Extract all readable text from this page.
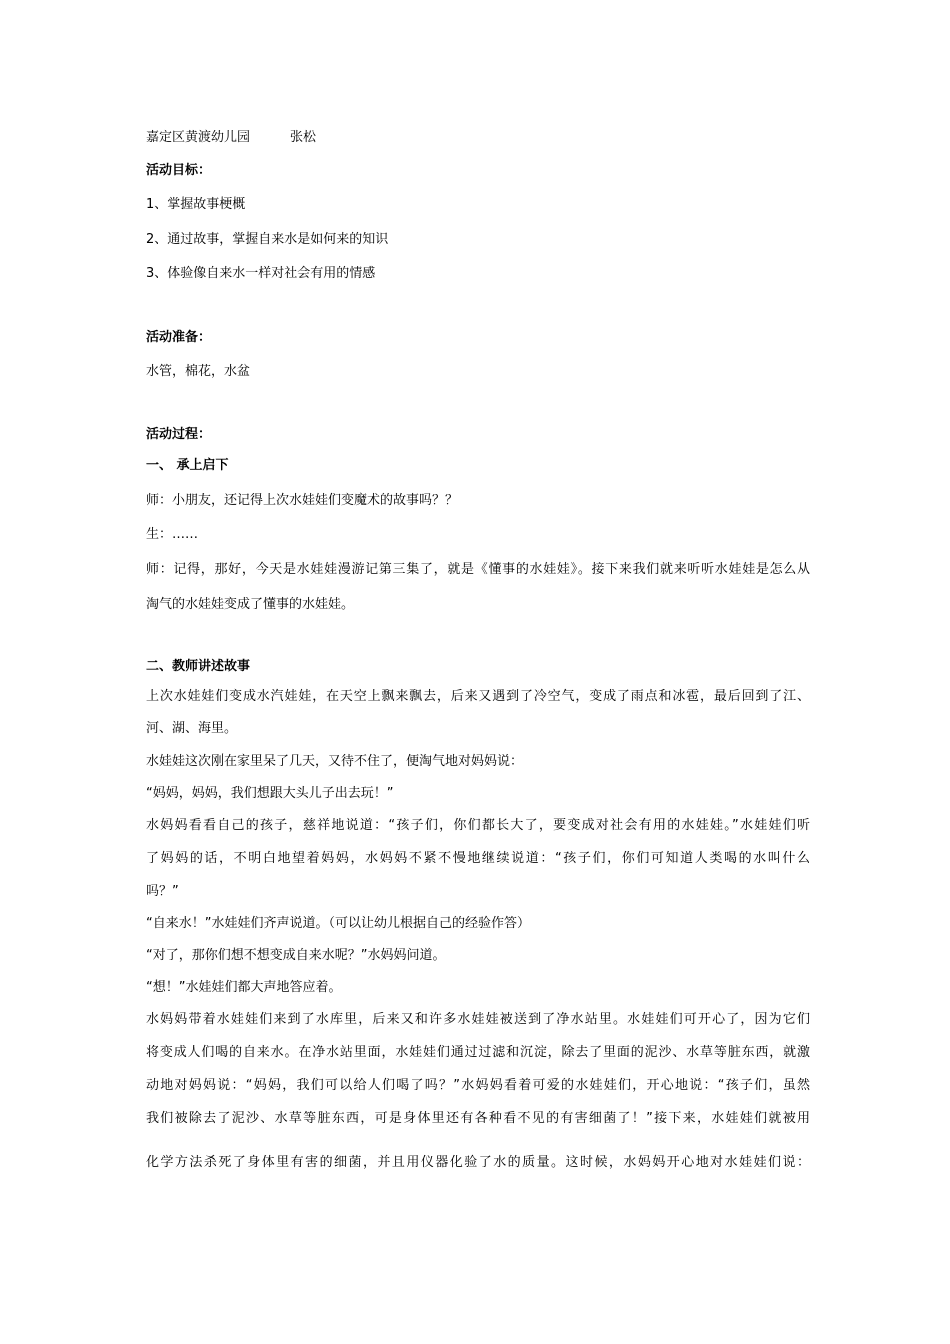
嘉定区黄渡幼儿园	张松
活动目标：
1、掌握故事梗概
2、通过故事，掌握自来水是如何来的知识
3、体验像自来水一样对社会有用的情感
活动准备：
水管，棉花，水盆
活动过程：
一、 承上启下
师：小朋友，还记得上次水娃娃们变魔术的故事吗？？
生：……
师：记得，那好，今天是水娃娃漫游记第三集了，就是《懂事的水娃娃》。接下来我们就来听听水娃娃是怎么从
淘气的水娃娃变成了懂事的水娃娃。
二、教师讲述故事
上次水娃娃们变成水汽娃娃，在天空上飘来飘去，后来又遇到了冷空气，变成了雨点和冰雹，最后回到了江、
河、湖、海里。
水娃娃这次刚在家里呆了几天，又待不住了，便淘气地对妈妈说：
“妈妈，妈妈，我们想跟大头儿子出去玩！”
水妈妈看看自己的孩子，慈祥地说道：“孩子们，你们都长大了，要变成对社会有用的水娃娃。”水娃娃们听
了妈妈的话，不明白地望着妈妈，水妈妈不紧不慢地继续说道：“孩子们，你们可知道人类喝的水叫什么
吗？”
“自来水！”水娃娃们齐声说道。（可以让幼儿根据自己的经验作答）
“对了，那你们想不想变成自来水呢？”水妈妈问道。
“想！”水娃娃们都大声地答应着。
水妈妈带着水娃娃们来到了水库里，后来又和许多水娃娃被送到了净水站里。水娃娃们可开心了，因为它们
将变成人们喝的自来水。在净水站里面，水娃娃们通过过滤和沉淀，除去了里面的泥沙、水草等脏东西，就激
动地对妈妈说：“妈妈，我们可以给人们喝了吗？”水妈妈看着可爱的水娃娃们，开心地说：“孩子们，虽然
我们被除去了泥沙、水草等脏东西，可是身体里还有各种看不见的有害细菌了！”接下来，水娃娃们就被用
化学方法杀死了身体里有害的细菌，并且用仪器化验了水的质量。这时候，水妈妈开心地对水娃娃们说：
